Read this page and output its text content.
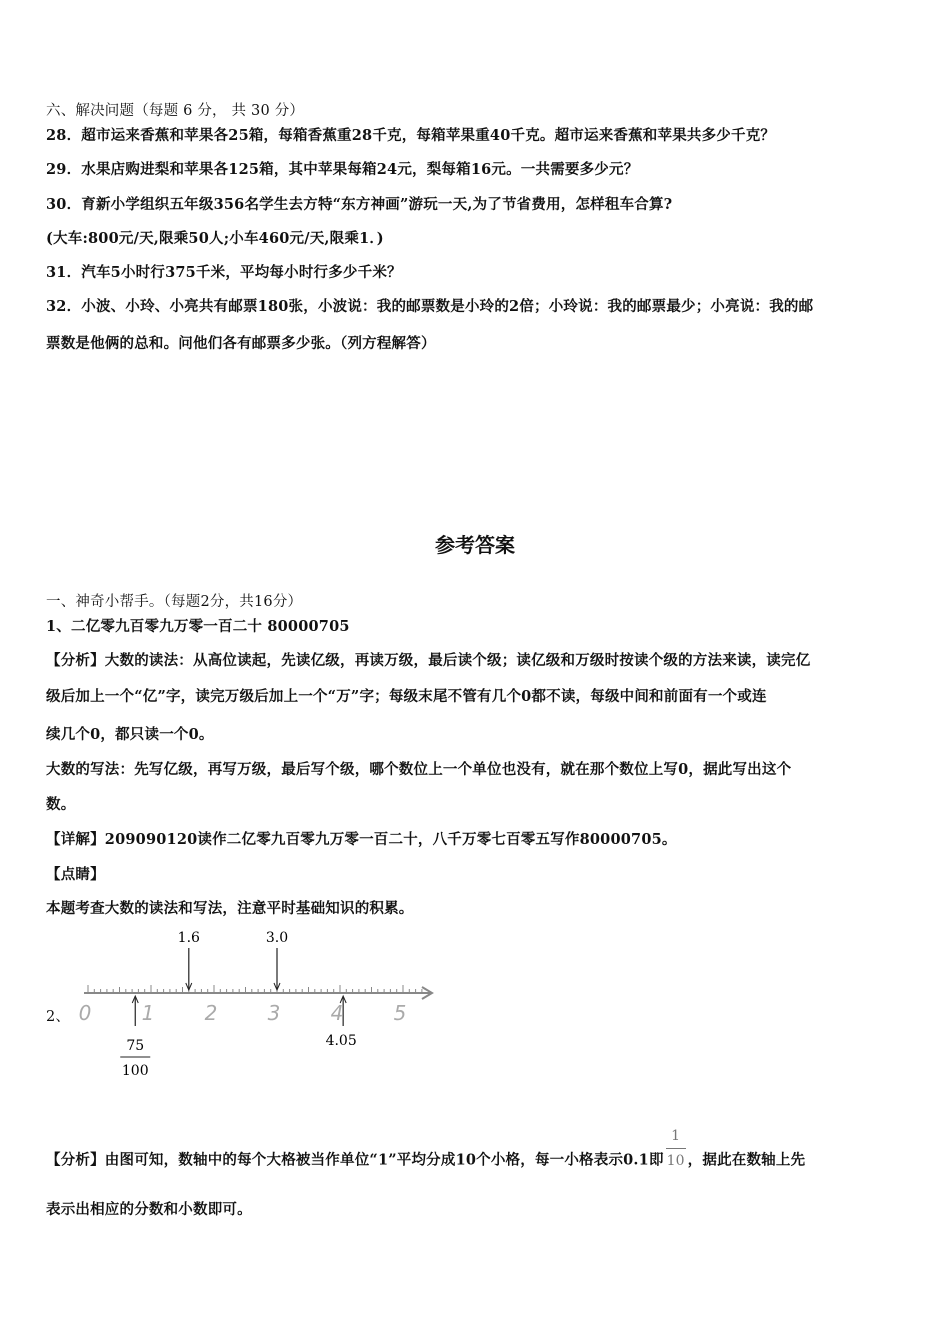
六、解决问题（每题 6 分， 共 30 分）
28．超市运来香蕉和苹果各25箱，每箱香蕉重28千克，每箱苹果重40千克。超市运来香蕉和苹果共多少千克？
29．水果店购进梨和苹果各125箱，其中苹果每箱24元，梨每箱16元。一共需要多少元？
30．育新小学组织五年级356名学生去方特“东方神画”游玩一天,为了节省费用，怎样租车合算?
(大车:800元/天,限乘50人;小车460元/天,限乘1．)
31．汽车5小时行375千米，平均每小时行多少千米？
32．小波、小玲、小亮共有邮票180张，小波说：我的邮票数是小玲的2倍；小玲说：我的邮票最少；小亮说：我的邮
票数是他俩的总和。问他们各有邮票多少张。（列方程解答）
参考答案
一、神奇小帮手。（每题2分，共16分）
1、二亿零九百零九万零一百二十 80000705
【分析】大数的读法：从高位读起，先读亿级，再读万级，最后读个级；读亿级和万级时按读个级的方法来读，读完亿
级后加上一个“亿”字，读完万级后加上一个“万”字；每级末尾不管有几个0都不读，每级中间和前面有一个或连
续几个0，都只读一个0。
大数的写法：先写亿级，再写万级，最后写个级，哪个数位上一个单位也没有，就在那个数位上写0，据此写出这个
数。
【详解】209090120读作二亿零九百零九万零一百二十，八千万零七百零五写作80000705。
【点睛】
本题考查大数的读法和写法，注意平时基础知识的积累。
2、 0	1	2	3	4	5
1.6	3.0
75
100
4.05
【分析】由图可知，数轴中的每个大格被当作单位“1”平均分成10个小格，每一小格表示0.1即 $\frac{1}{10}$ ，据此在数轴上先
表示出相应的分数和小数即可。
